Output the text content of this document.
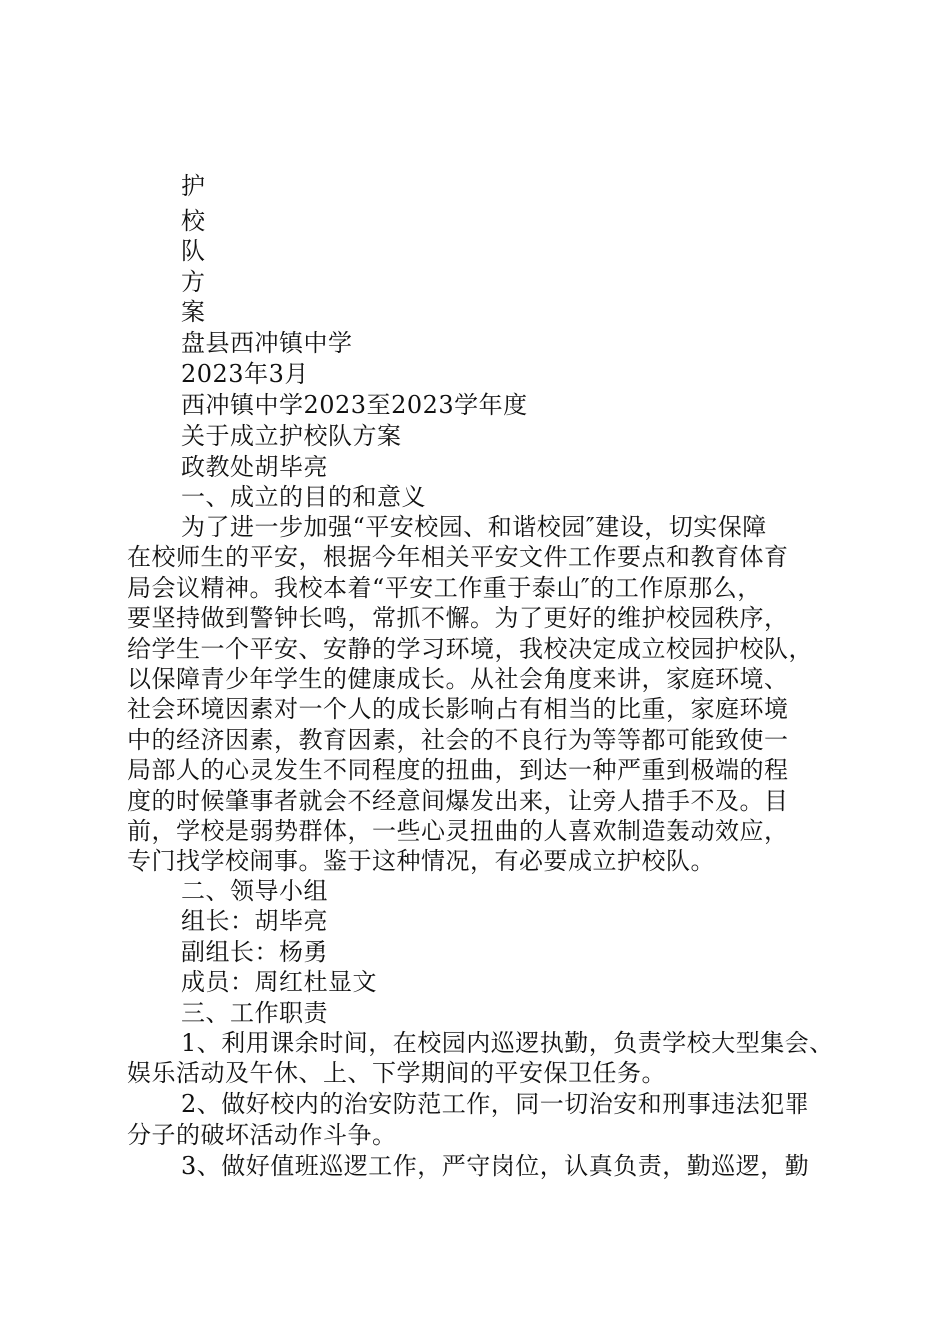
护
校
队
方
案
盘县西冲镇中学
2023年3月
西冲镇中学2023至2023学年度
关于成立护校队方案
政教处胡毕亮
一、成立的目的和意义
为了进一步加强“平安校园、和谐校园″建设，切实保障
在校师生的平安，根据今年相关平安文件工作要点和教育体育
局会议精神。我校本着“平安工作重于泰山″的工作原那么，
要坚持做到警钟长鸣，常抓不懈。为了更好的维护校园秩序，
给学生一个平安、安静的学习环境，我校决定成立校园护校队，
以保障青少年学生的健康成长。从社会角度来讲，家庭环境、
社会环境因素对一个人的成长影响占有相当的比重，家庭环境
中的经济因素，教育因素，社会的不良行为等等都可能致使一
局部人的心灵发生不同程度的扭曲，到达一种严重到极端的程
度的时候肇事者就会不经意间爆发出来，让旁人措手不及。目
前，学校是弱势群体，一些心灵扭曲的人喜欢制造轰动效应，
专门找学校闹事。鉴于这种情况，有必要成立护校队。
二、领导小组
组长：胡毕亮
副组长：杨勇
成员：周红杜显文
三、工作职责
1、利用课余时间，在校园内巡逻执勤，负责学校大型集会、
娱乐活动及午休、上、下学期间的平安保卫任务。
2、做好校内的治安防范工作，同一切治安和刑事违法犯罪
分子的破坏活动作斗争。
3、做好值班巡逻工作，严守岗位，认真负责，勤巡逻，勤
